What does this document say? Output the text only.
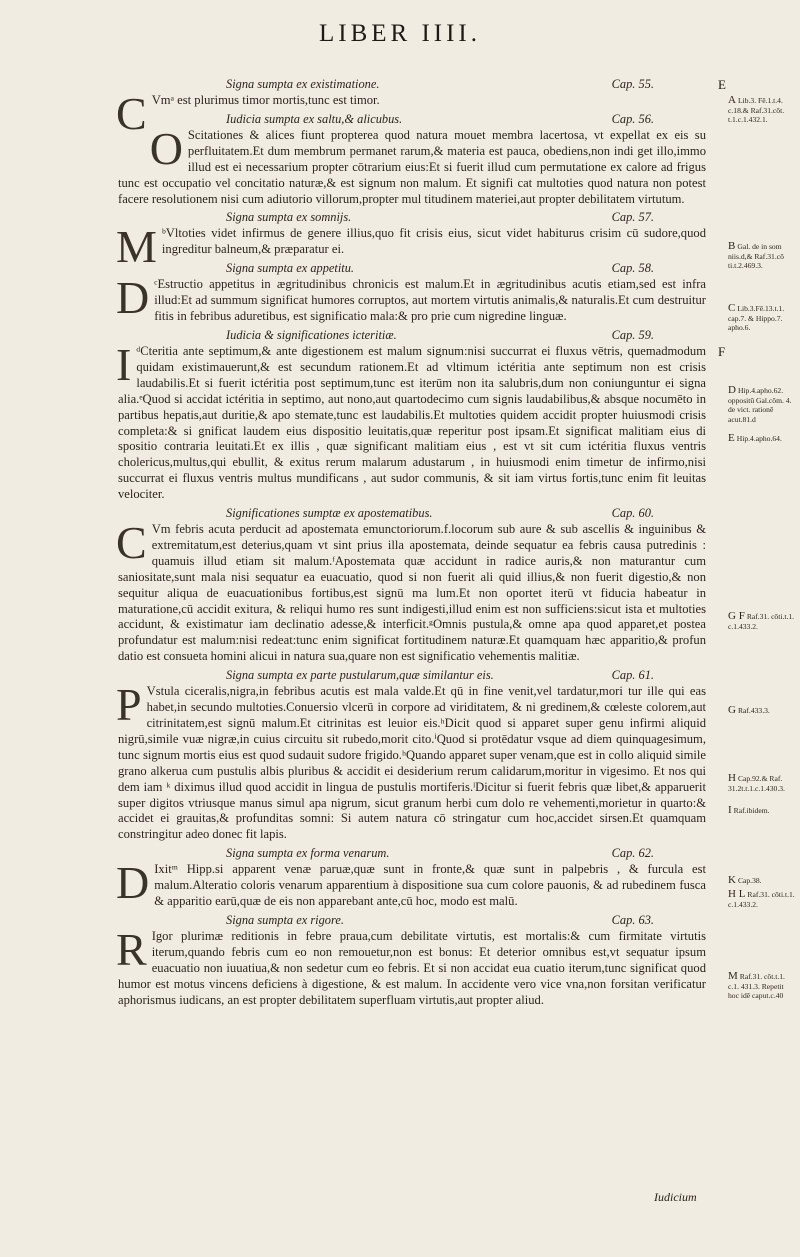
LIBER IIII.
E
F
Signa sumpta ex existimatione.	Cap. 55.
C Vmᵃ est plurimus timor mortis,tunc est timor.
Iudicia sumpta ex saltu,& alicubus.	Cap. 56.
O Scitationes & alices fiunt propterea quod natura mouet membra lacertosa, vt expellat ex eis su perfluitatem.Et dum membrum permanet rarum,& materia est pauca, obediens,non indi get illo,immo illud est ei necessarium propter cōtrarium eius:Et si fuerit illud cum permutatione ex calore ad frigus tunc est occupatio vel concitatio naturæ,& est signum non malum. Et signifi cat multoties quod natura non potest facere resolutionem nisi cum adiutorio villorum,propter mul titudinem materiei,aut propter debilitatem virtutum.
Signa sumpta ex somnijs.	Cap. 57.
M ᵇVltoties videt infirmus de genere illius,quo fit crisis eius, sicut videt habiturus crisim cū sudore,quod ingreditur balneum,& præparatur ei.
Signa sumpta ex appetitu.	Cap. 58.
D ᶜEstructio appetitus in ægritudinibus chronicis est malum.Et in ægritudinibus acutis etiam,sed est infra illud:Et ad summum significat humores corruptos, aut mortem virtutis animalis,& naturalis.Et cum destruitur fitis in febribus aduretibus, est significatio mala:& pro prie cum nigredine linguæ.
Iudicia & significationes icteritiæ.	Cap. 59.
I ᵈCteritia ante septimum,& ante digestionem est malum signum:nisi succurrat ei fluxus vētris, quemadmodum quidam existimauerunt,& est secundum rationem.Et ad vltimum ictéritia ante septimum non est crisis laudabilis.Et si fuerit ictéritia post septimum,tunc est iterūm non ita salubris,dum non coniunguntur ei signa alia.ᵉQuod si accidat ictéritia in septimo, aut nono,aut quartodecimo cum signis laudabilibus,& absque nocumēto in partibus hepatis,aut duritie,& apo stemate,tunc est laudabilis.Et multoties quidem accidit propter huiusmodi crisis completa:& si gnificat laudem eius dispositio leuitatis,quæ reperitur post ipsam.Et significat malitiam eius di spositio contraria leuitati.Et ex illis , quæ significant malitiam eius , est vt sit cum ictéritia fluxus ventris cholericus,multus,qui ebullit, & exitus rerum malarum adustarum , in huiusmodi enim timetur de infirmo,nisi succurrat ei fluxus ventris multus mundificans , aut sudor communis, & sit iam virtus fortis,tunc enim fit leuitas velociter.
Significationes sumptæ ex apostematibus.	Cap. 60.
C Vm febris acuta perducit ad apostemata emunctoriorum.f.locorum sub aure & sub ascellis & inguinibus & extremitatum,est deterius,quam vt sint prius illa apostemata, deinde sequatur ea febris causa putredinis : quamuis illud etiam sit malum.ᶠApostemata quæ accidunt in radice auris,& non maturantur cum saniositate,sunt mala nisi sequatur ea euacuatio, quod si non fuerit ali quid illius,& non fuerit digestio,& non sequitur aliqua de euacuationibus fortibus,est signū ma lum.Et non oportet iterū vt fiducia habeatur in maturatione,cū accidit exitura, & reliqui humo res sunt indigesti,illud enim est non sufficiens:sicut ista et multoties accidunt, & existimatur iam declinatio adesse,& interficit.ᵍOmnis pustula,& omne apa quod apparet,et postea profundatur est malum:nisi redeat:tunc enim significat fortitudinem naturæ.Et quamquam hæc apparitio,& profun datio est consueta homini alicui in natura sua,quare non est significatio vehementis malitiæ.
Signa sumpta ex parte pustularum,quæ similantur eis.	Cap. 61.
P Vstula ciceralis,nigra,in febribus acutis est mala valde.Et qū in fine venit,vel tardatur,mori tur ille qui eas habet,in secundo multoties.Conuersio vlcerū in corpore ad viriditatem, & ni gredinem,& cœleste colorem,aut citrinitatem,est signū malum.Et citrinitas est leuior eis.ʰDicit quod si apparet super genu infirmi aliquid nigrū,simile vuæ nigræ,in cuius circuitu sit rubedo,morit cito.ⁱQuod si protēdatur vsque ad diem quinquagesimum, tunc signum mortis eius est quod sudauit sudore frigido.ʰQuando apparet super venam,que est in collo aliquid simile grano alkerua cum pustulis albis pluribus & accidit ei desiderium rerum calidarum,moritur in vigesimo. Et nos qui dem iam ᵏ diximus illud quod accidit in lingua de pustulis mortiferis.ˡDicitur si fuerit febris quæ libet,& apparuerit super digitos vtriusque manus simul apa nigrum, sicut granum herbi cum dolo re vehementi,morietur in quarto:& accidet ei grauitas,& profunditas somni: Si autem natura cō stringatur cum hoc,accidet sirsen.Et quamquam constringitur adeo donec fit lapis.
Signa sumpta ex forma venarum.	Cap. 62.
D Ixitᵐ Hipp.si apparent venæ paruæ,quæ sunt in fronte,& quæ sunt in palpebris , & furcula est malum.Alteratio coloris venarum apparentium à dispositione sua cum colore pauonis, & ad rubedinem fusca & apparitio earū,quæ de eis non apparebant ante,cū hoc, modo est malū.
Signa sumpta ex rigore.	Cap. 63.
R Igor plurimæ reditionis in febre praua,cum debilitate virtutis, est mortalis:& cum firmitate virtutis iterum,quando febris cum eo non remouetur,non est bonus: Et deterior omnibus est,vt sequatur ipsum euacuatio non iuuatiua,& non sedetur cum eo febris. Et si non accidat eua cuatio iterum,tunc significat quod humor est motus vincens deficiens à digestione, & est malum. In accidente vero vice vna,non forsitan verificatur aphorismus iudicans, an est propter debilitatem superfluam virtutis,aut propter aliud.
A Lib.3. Fē.1.t.4. c.18.& Raf.31.cōt. t.1.c.1.432.1.
B Gal. de in som niis.d,& Raf.31.cō ti.t.2.469.3.
C Lib.3.Fē.13.t.1. cap.7. & Hippo.7. apho.6.
D Hip.4.apho.62. oppositū Gal.cōm. 4. de vict. rationē acut.81.d
E Hip.4.apho.64.
G F Raf.31. cōti.t.1. c.1.433.2.
G Raf.433.3.
H Cap.92.& Raf. 31.2t.t.1.c.1.430.3.
I Raf.ibidem.
K Cap.38.
H L Raf.31. cōti.t.1. c.1.433.2.
M Raf.31. cōt.t.1. c.1. 431.3. Repetit hoc idē caput.c.40
Iudicium
